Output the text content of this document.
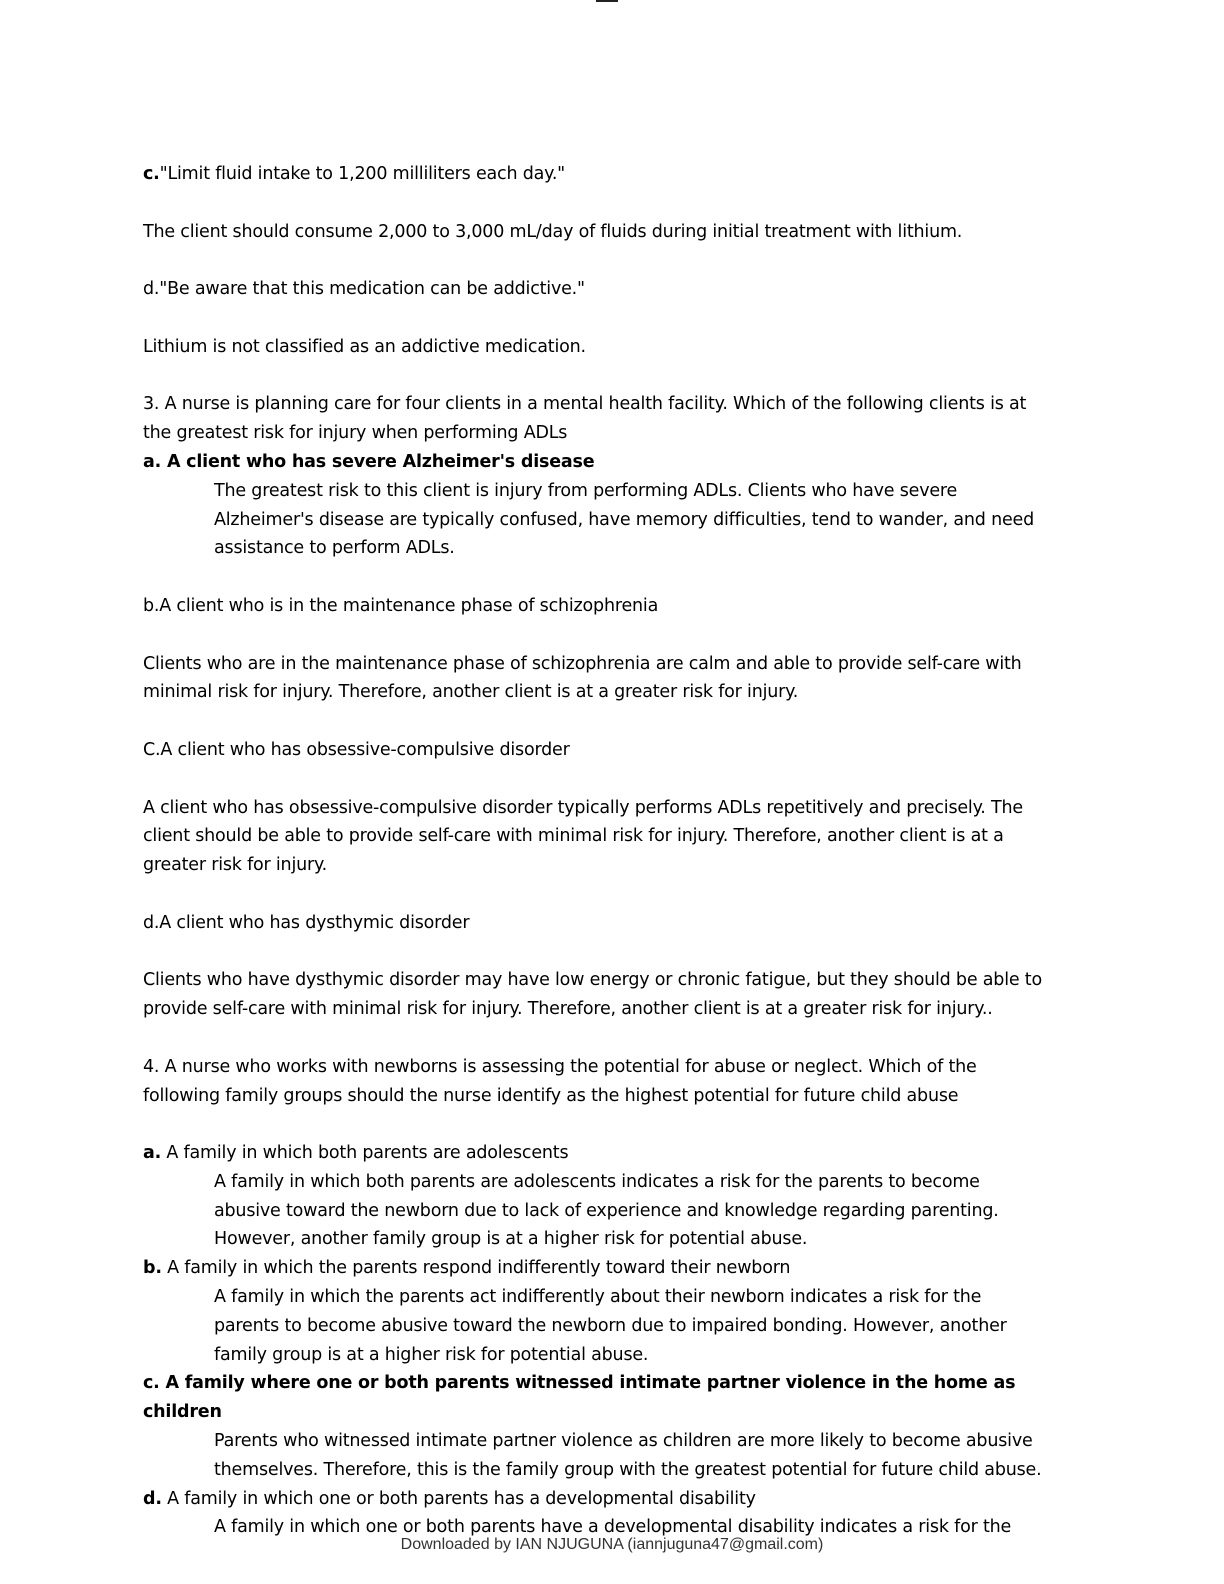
c."Limit fluid intake to 1,200 milliliters each day."

The client should consume 2,000 to 3,000 mL/day of fluids during initial treatment with lithium.

d."Be aware that this medication can be addictive."

Lithium is not classified as an addictive medication.

3. A nurse is planning care for four clients in a mental health facility. Which of the following clients is at

the greatest risk for injury when performing ADLs

a. A client who has severe Alzheimer's disease

The greatest risk to this client is injury from performing ADLs. Clients who have severe

Alzheimer's disease are typically confused, have memory difficulties, tend to wander, and need

assistance to perform ADLs.

b.A client who is in the maintenance phase of schizophrenia

Clients who are in the maintenance phase of schizophrenia are calm and able to provide self-care with

minimal risk for injury. Therefore, another client is at a greater risk for injury.

C.A client who has obsessive-compulsive disorder

A client who has obsessive-compulsive disorder typically performs ADLs repetitively and precisely. The

client should be able to provide self-care with minimal risk for injury. Therefore, another client is at a

greater risk for injury.

d.A client who has dysthymic disorder

Clients who have dysthymic disorder may have low energy or chronic fatigue, but they should be able to

provide self-care with minimal risk for injury. Therefore, another client is at a greater risk for injury..

4. A nurse who works with newborns is assessing the potential for abuse or neglect. Which of the

following family groups should the nurse identify as the highest potential for future child abuse

a. A family in which both parents are adolescents

A family in which both parents are adolescents indicates a risk for the parents to become

abusive toward the newborn due to lack of experience and knowledge regarding parenting.

However, another family group is at a higher risk for potential abuse.

b. A family in which the parents respond indifferently toward their newborn

A family in which the parents act indifferently about their newborn indicates a risk for the

parents to become abusive toward the newborn due to impaired bonding. However, another

family group is at a higher risk for potential abuse.

c. A family where one or both parents witnessed intimate partner violence in the home as children

Parents who witnessed intimate partner violence as children are more likely to become abusive

themselves. Therefore, this is the family group with the greatest potential for future child abuse.

d. A family in which one or both parents has a developmental disability

A family in which one or both parents have a developmental disability indicates a risk for the

Downloaded by IAN NJUGUNA (iannjuguna47@gmail.com)
